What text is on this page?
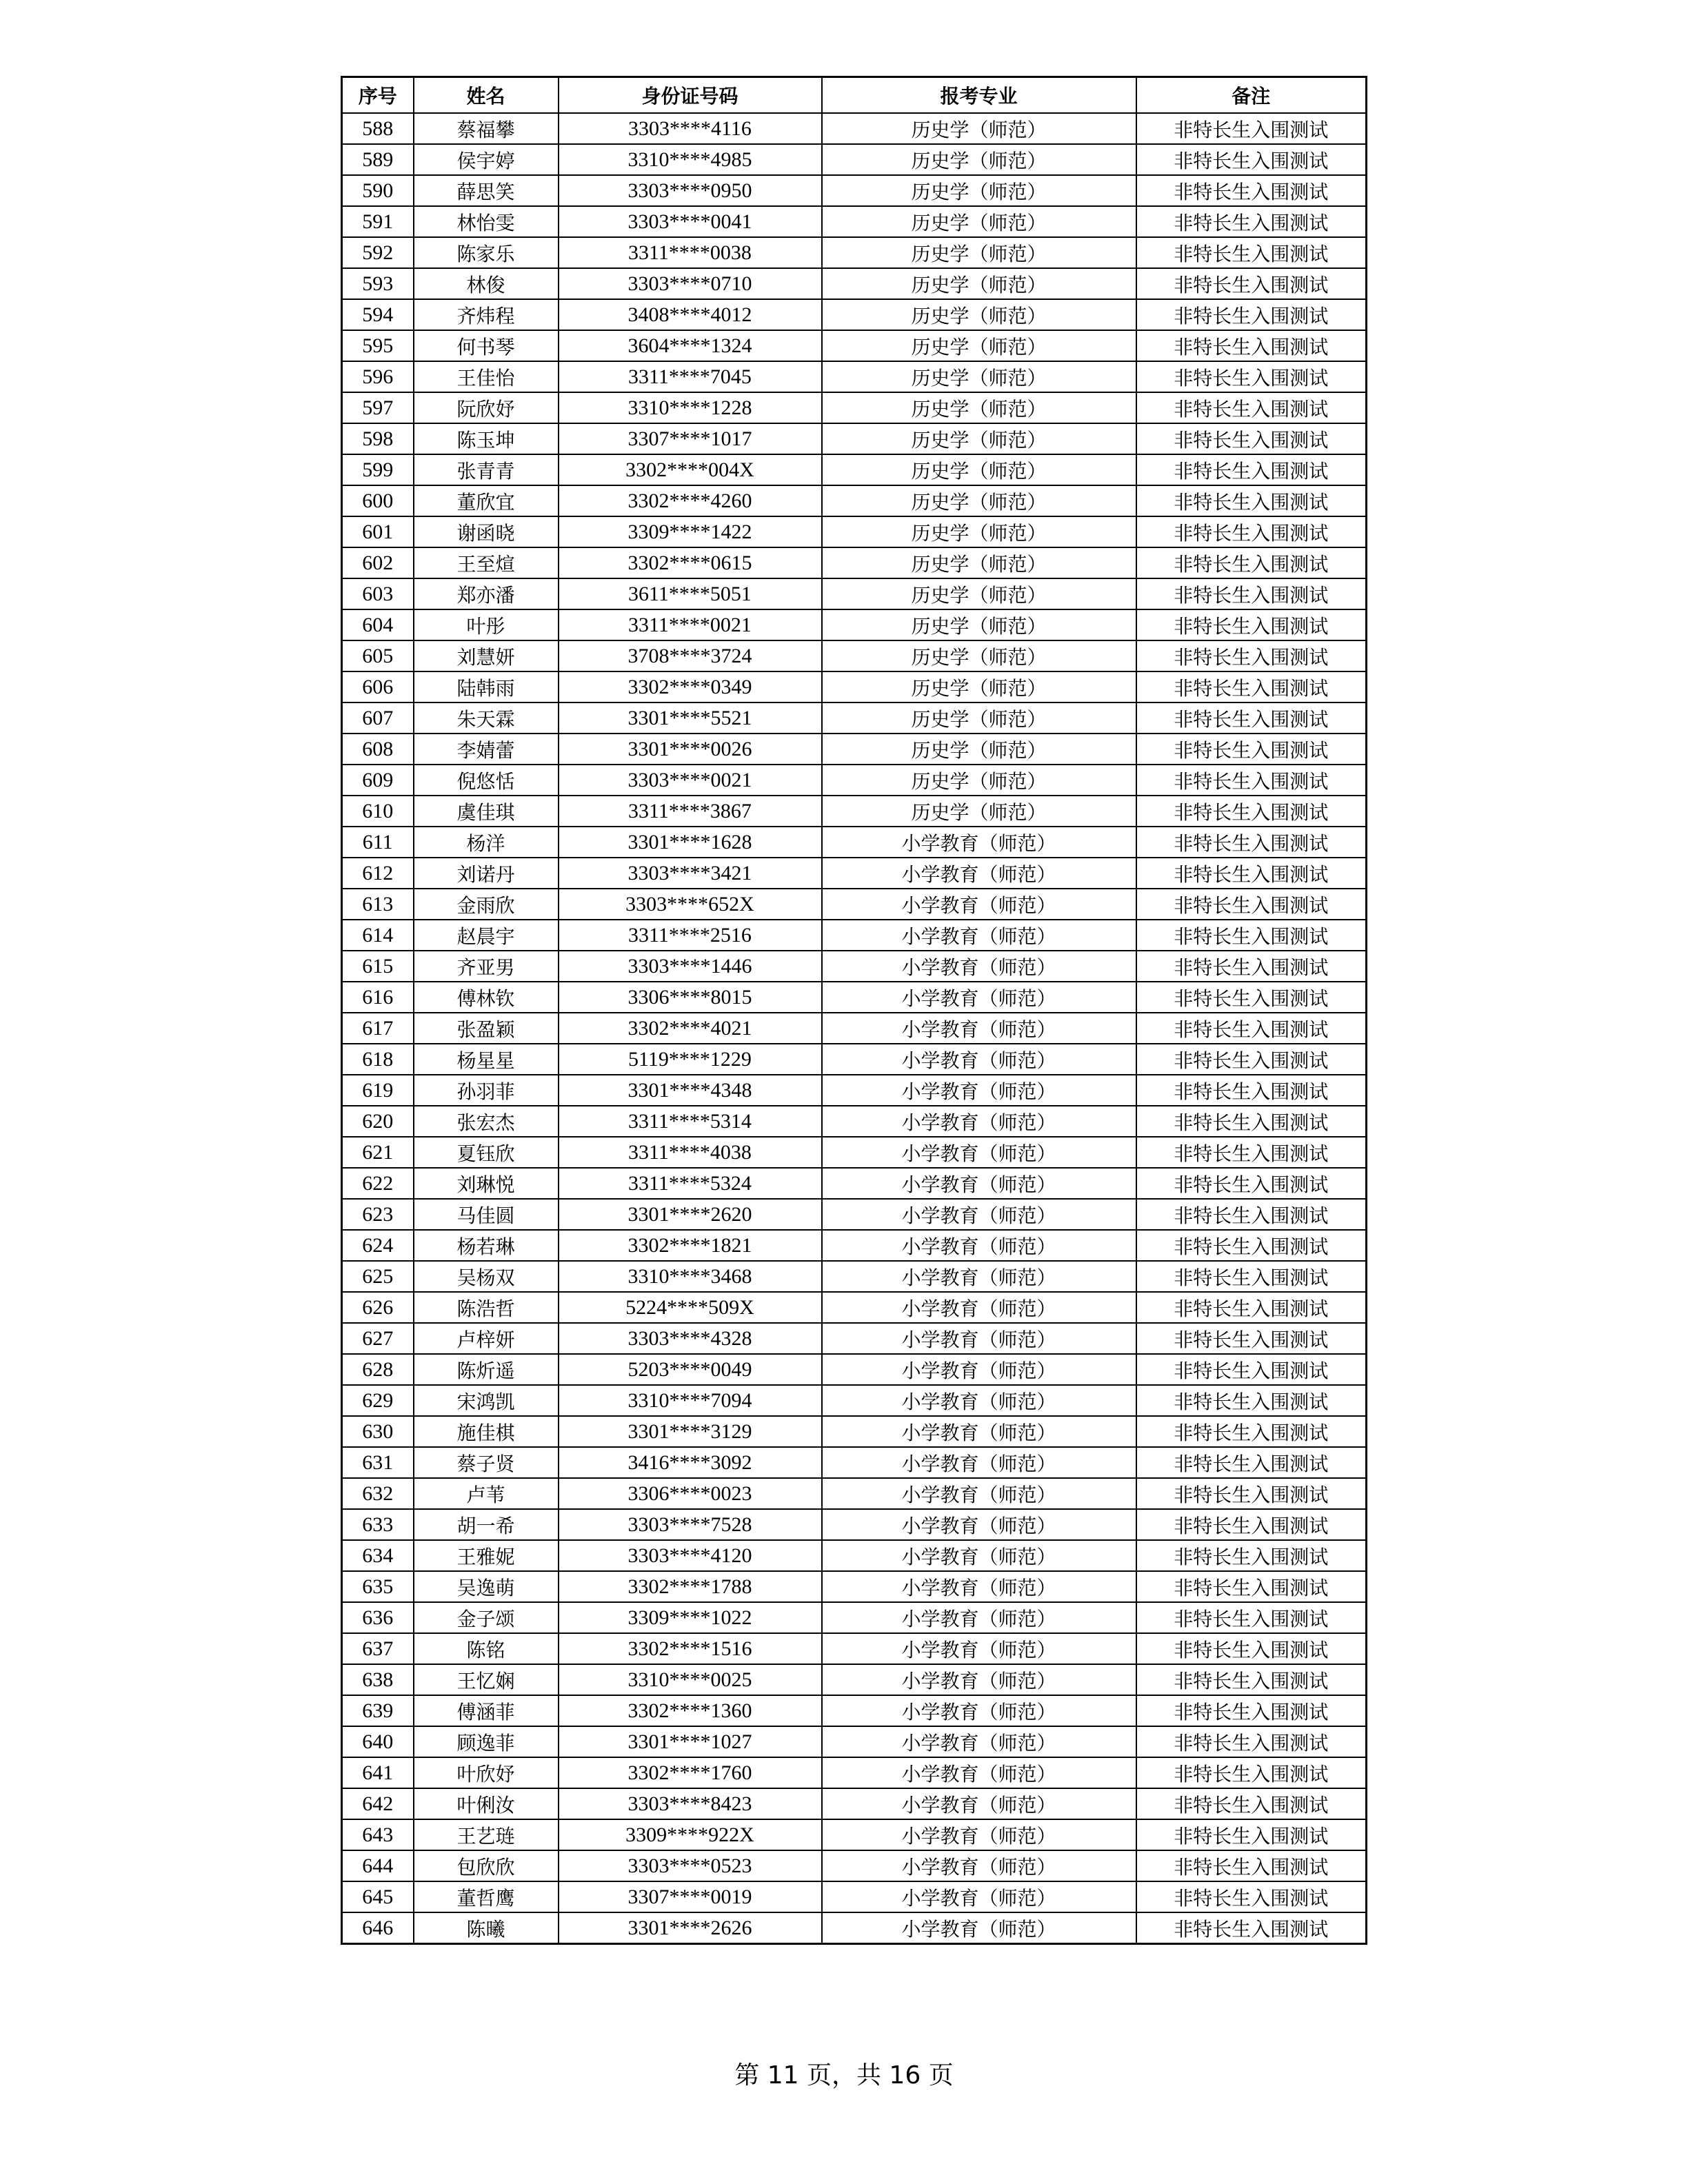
序号	姓名	身份证号码	报考专业	备注
588	蔡福攀	3303****4116	历史学（师范）	非特长生入围测试
589	侯宇婷	3310****4985	历史学（师范）	非特长生入围测试
590	薛思笑	3303****0950	历史学（师范）	非特长生入围测试
591	林怡雯	3303****0041	历史学（师范）	非特长生入围测试
592	陈家乐	3311****0038	历史学（师范）	非特长生入围测试
593	林俊	3303****0710	历史学（师范）	非特长生入围测试
594	齐炜程	3408****4012	历史学（师范）	非特长生入围测试
595	何书琴	3604****1324	历史学（师范）	非特长生入围测试
596	王佳怡	3311****7045	历史学（师范）	非特长生入围测试
597	阮欣妤	3310****1228	历史学（师范）	非特长生入围测试
598	陈玉坤	3307****1017	历史学（师范）	非特长生入围测试
599	张青青	3302****004X	历史学（师范）	非特长生入围测试
600	董欣宜	3302****4260	历史学（师范）	非特长生入围测试
601	谢函晓	3309****1422	历史学（师范）	非特长生入围测试
602	王至煊	3302****0615	历史学（师范）	非特长生入围测试
603	郑亦潘	3611****5051	历史学（师范）	非特长生入围测试
604	叶彤	3311****0021	历史学（师范）	非特长生入围测试
605	刘慧妍	3708****3724	历史学（师范）	非特长生入围测试
606	陆韩雨	3302****0349	历史学（师范）	非特长生入围测试
607	朱天霖	3301****5521	历史学（师范）	非特长生入围测试
608	李婧蕾	3301****0026	历史学（师范）	非特长生入围测试
609	倪悠恬	3303****0021	历史学（师范）	非特长生入围测试
610	虞佳琪	3311****3867	历史学（师范）	非特长生入围测试
611	杨洋	3301****1628	小学教育（师范）	非特长生入围测试
612	刘诺丹	3303****3421	小学教育（师范）	非特长生入围测试
613	金雨欣	3303****652X	小学教育（师范）	非特长生入围测试
614	赵晨宇	3311****2516	小学教育（师范）	非特长生入围测试
615	齐亚男	3303****1446	小学教育（师范）	非特长生入围测试
616	傅林钦	3306****8015	小学教育（师范）	非特长生入围测试
617	张盈颖	3302****4021	小学教育（师范）	非特长生入围测试
618	杨星星	5119****1229	小学教育（师范）	非特长生入围测试
619	孙羽菲	3301****4348	小学教育（师范）	非特长生入围测试
620	张宏杰	3311****5314	小学教育（师范）	非特长生入围测试
621	夏钰欣	3311****4038	小学教育（师范）	非特长生入围测试
622	刘琳悦	3311****5324	小学教育（师范）	非特长生入围测试
623	马佳圆	3301****2620	小学教育（师范）	非特长生入围测试
624	杨若琳	3302****1821	小学教育（师范）	非特长生入围测试
625	吴杨双	3310****3468	小学教育（师范）	非特长生入围测试
626	陈浩哲	5224****509X	小学教育（师范）	非特长生入围测试
627	卢梓妍	3303****4328	小学教育（师范）	非特长生入围测试
628	陈炘遥	5203****0049	小学教育（师范）	非特长生入围测试
629	宋鸿凯	3310****7094	小学教育（师范）	非特长生入围测试
630	施佳棋	3301****3129	小学教育（师范）	非特长生入围测试
631	蔡子贤	3416****3092	小学教育（师范）	非特长生入围测试
632	卢苇	3306****0023	小学教育（师范）	非特长生入围测试
633	胡一希	3303****7528	小学教育（师范）	非特长生入围测试
634	王雅妮	3303****4120	小学教育（师范）	非特长生入围测试
635	吴逸萌	3302****1788	小学教育（师范）	非特长生入围测试
636	金子颂	3309****1022	小学教育（师范）	非特长生入围测试
637	陈铭	3302****1516	小学教育（师范）	非特长生入围测试
638	王忆娴	3310****0025	小学教育（师范）	非特长生入围测试
639	傅涵菲	3302****1360	小学教育（师范）	非特长生入围测试
640	顾逸菲	3301****1027	小学教育（师范）	非特长生入围测试
641	叶欣妤	3302****1760	小学教育（师范）	非特长生入围测试
642	叶俐汝	3303****8423	小学教育（师范）	非特长生入围测试
643	王艺琏	3309****922X	小学教育（师范）	非特长生入围测试
644	包欣欣	3303****0523	小学教育（师范）	非特长生入围测试
645	董哲鹰	3307****0019	小学教育（师范）	非特长生入围测试
646	陈曦	3301****2626	小学教育（师范）	非特长生入围测试
第 11 页，共 16 页
